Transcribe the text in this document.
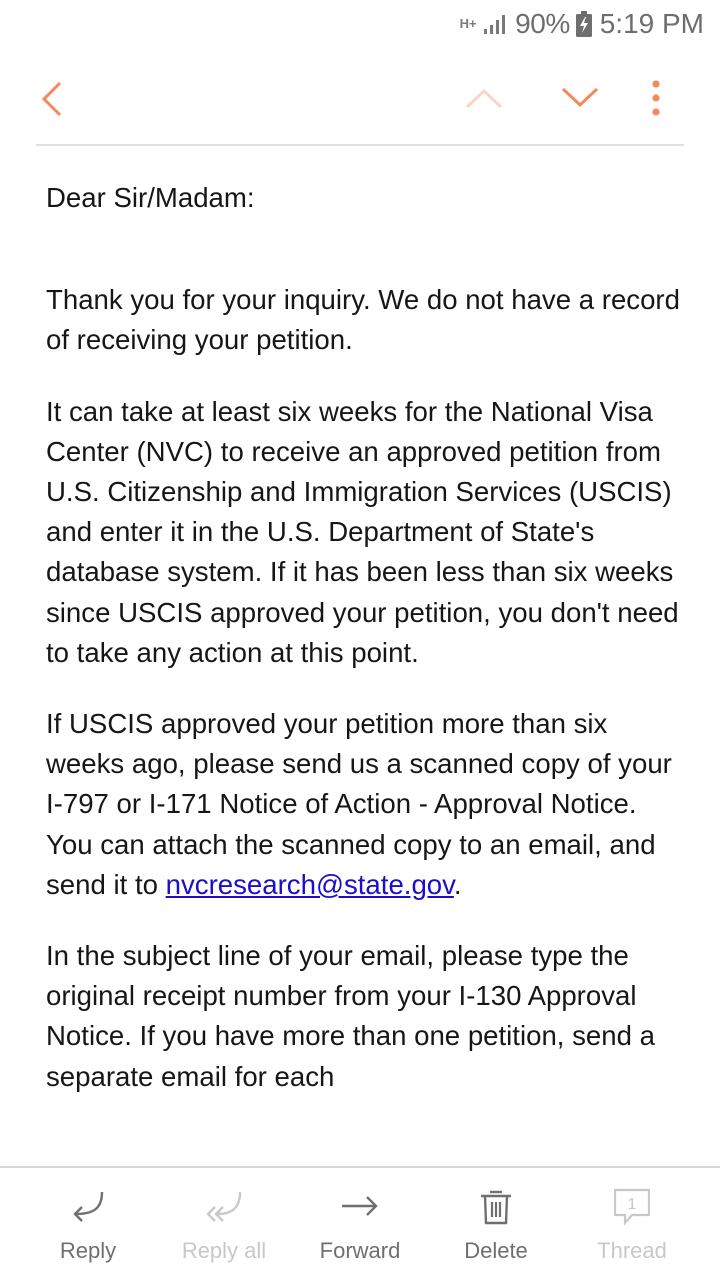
H+ 90% 5:19 PM

Dear Sir/Madam:

Thank you for your inquiry. We do not have a record of receiving your petition.

It can take at least six weeks for the National Visa Center (NVC) to receive an approved petition from U.S. Citizenship and Immigration Services (USCIS) and enter it in the U.S. Department of State's database system. If it has been less than six weeks since USCIS approved your petition, you don't need to take any action at this point.

If USCIS approved your petition more than six weeks ago, please send us a scanned copy of your I-797 or I-171 Notice of Action - Approval Notice. You can attach the scanned copy to an email, and send it to nvcresearch@state.gov.

In the subject line of your email, please type the original receipt number from your I-130 Approval Notice. If you have more than one petition, send a separate email for each

Reply	Reply all	Forward	Delete
1
Thread
